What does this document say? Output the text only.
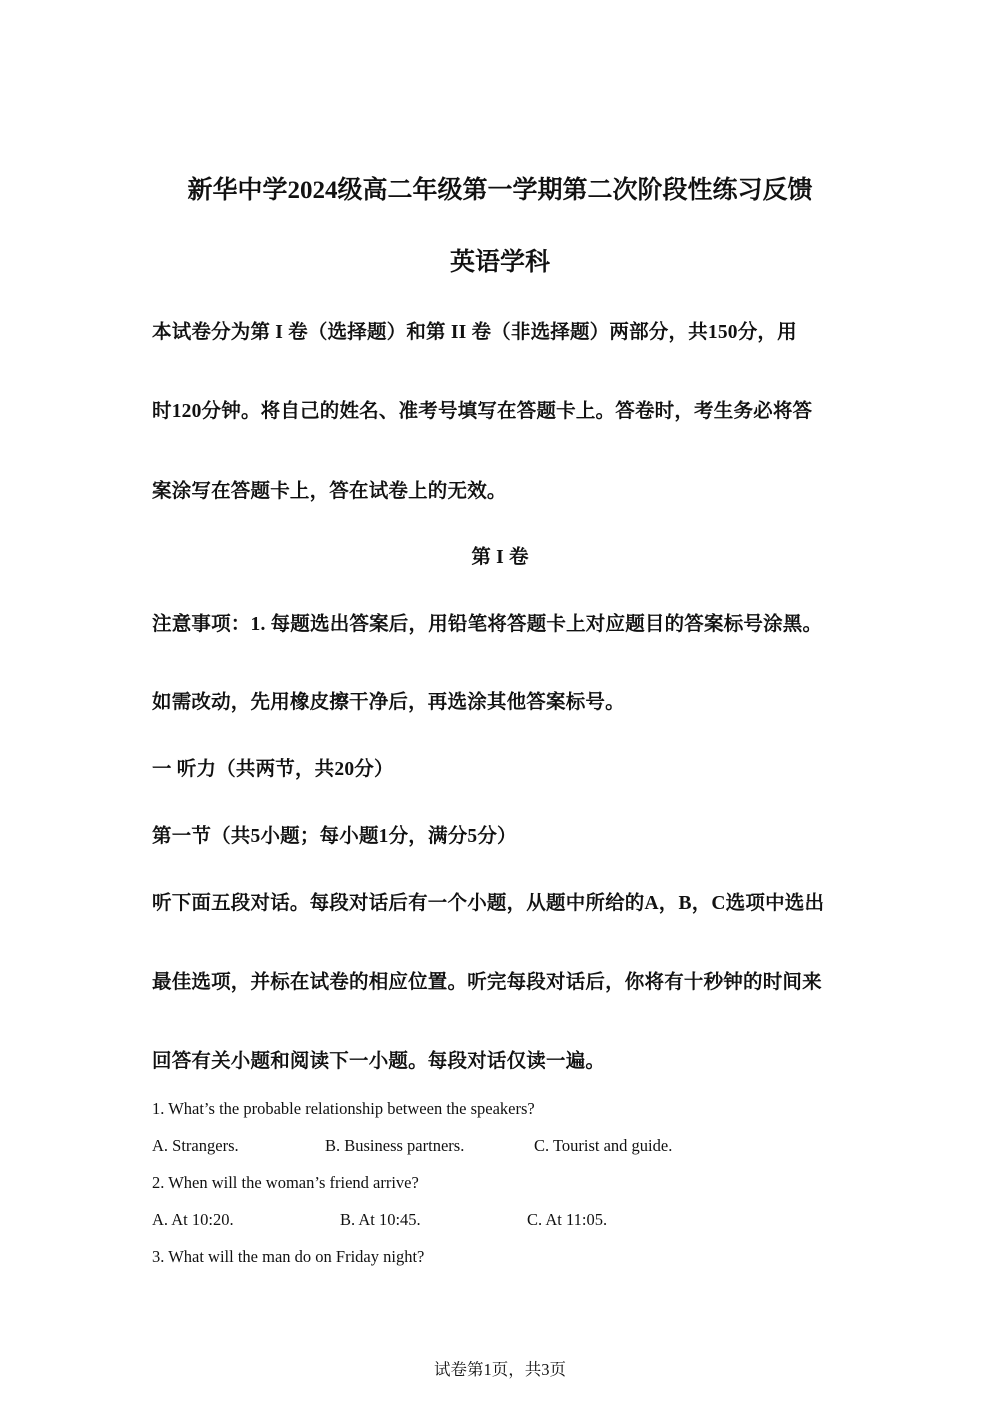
新华中学2024级高二年级第一学期第二次阶段性练习反馈
英语学科
本试卷分为第 I 卷（选择题）和第 II 卷（非选择题）两部分，共150分，用
时120分钟。将自己的姓名、准考号填写在答题卡上。答卷时，考生务必将答
案涂写在答题卡上，答在试卷上的无效。
第 I 卷
注意事项：1. 每题选出答案后，用铅笔将答题卡上对应题目的答案标号涂黑。
如需改动，先用橡皮擦干净后，再选涂其他答案标号。
一 听力（共两节，共20分）
第一节（共5小题；每小题1分，满分5分）
听下面五段对话。每段对话后有一个小题，从题中所给的A，B，C选项中选出
最佳选项，并标在试卷的相应位置。听完每段对话后，你将有十秒钟的时间来
回答有关小题和阅读下一小题。每段对话仅读一遍。
1. What’s the probable relationship between the speakers?
A. Strangers.	B. Business partners.	C. Tourist and guide.
2. When will the woman’s friend arrive?
A. At 10:20.	B. At 10:45.	C. At 11:05.
3. What will the man do on Friday night?
试卷第1页，共3页
